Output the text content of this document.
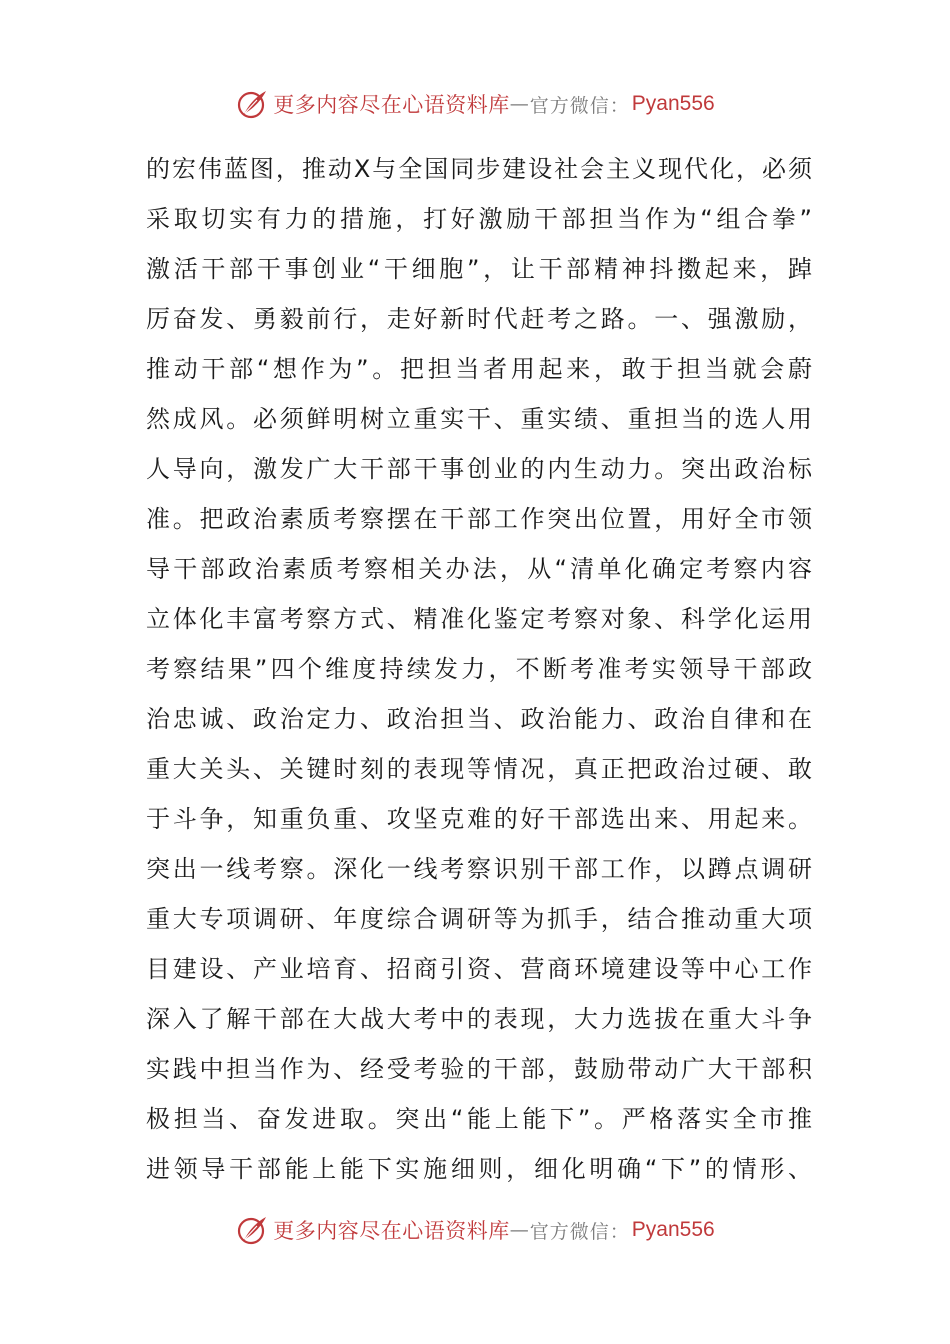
更多内容尽在心语资料库 — 官方微信： Pyan556
的宏伟蓝图，推动X与全国同步建设社会主义现代化，必须
采取切实有力的措施，打好激励干部担当作为“组合拳”
激活干部干事创业“干细胞”，让干部精神抖擞起来，踔
厉奋发、勇毅前行，走好新时代赶考之路。一、强激励，
推动干部“想作为”。把担当者用起来，敢于担当就会蔚
然成风。必须鲜明树立重实干、重实绩、重担当的选人用
人导向，激发广大干部干事创业的内生动力。突出政治标
准。把政治素质考察摆在干部工作突出位置，用好全市领
导干部政治素质考察相关办法，从“清单化确定考察内容
立体化丰富考察方式、精准化鉴定考察对象、科学化运用
考察结果”四个维度持续发力，不断考准考实领导干部政
治忠诚、政治定力、政治担当、政治能力、政治自律和在
重大关头、关键时刻的表现等情况，真正把政治过硬、敢
于斗争，知重负重、攻坚克难的好干部选出来、用起来。
突出一线考察。深化一线考察识别干部工作，以蹲点调研
重大专项调研、年度综合调研等为抓手，结合推动重大项
目建设、产业培育、招商引资、营商环境建设等中心工作
深入了解干部在大战大考中的表现，大力选拔在重大斗争
实践中担当作为、经受考验的干部，鼓励带动广大干部积
极担当、奋发进取。突出“能上能下”。严格落实全市推
进领导干部能上能下实施细则，细化明确“下”的情形、
更多内容尽在心语资料库 — 官方微信： Pyan556
